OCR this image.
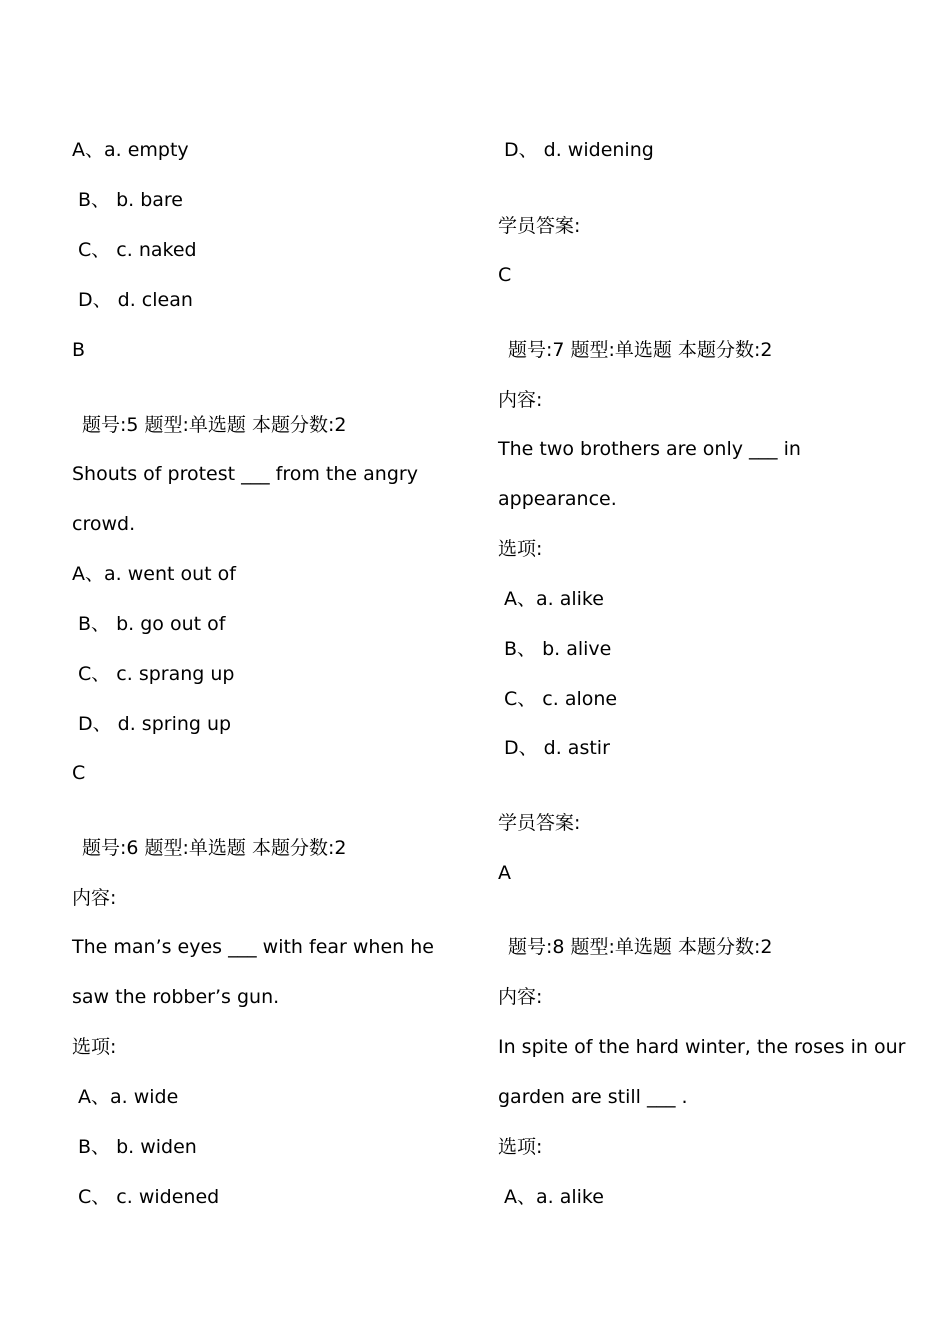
A、a. empty
B、 b. bare
C、 c. naked
D、 d. clean
B
题号:5 题型:单选题 本题分数:2
Shouts of protest ___ from the angry
crowd.
A、a. went out of
B、 b. go out of
C、 c. sprang up
D、 d. spring up
C
题号:6 题型:单选题 本题分数:2
内容:
The man’s eyes ___ with fear when he
saw the robber’s gun.
选项:
A、a. wide
B、 b. widen
C、 c. widened
D、 d. widening
学员答案:
C
题号:7 题型:单选题 本题分数:2
内容:
The two brothers are only ___ in
appearance.
选项:
A、a. alike
B、 b. alive
C、 c. alone
D、 d. astir
学员答案:
A
题号:8 题型:单选题 本题分数:2
内容:
In spite of the hard winter, the roses in our
garden are still ___ .
选项:
A、a. alike
